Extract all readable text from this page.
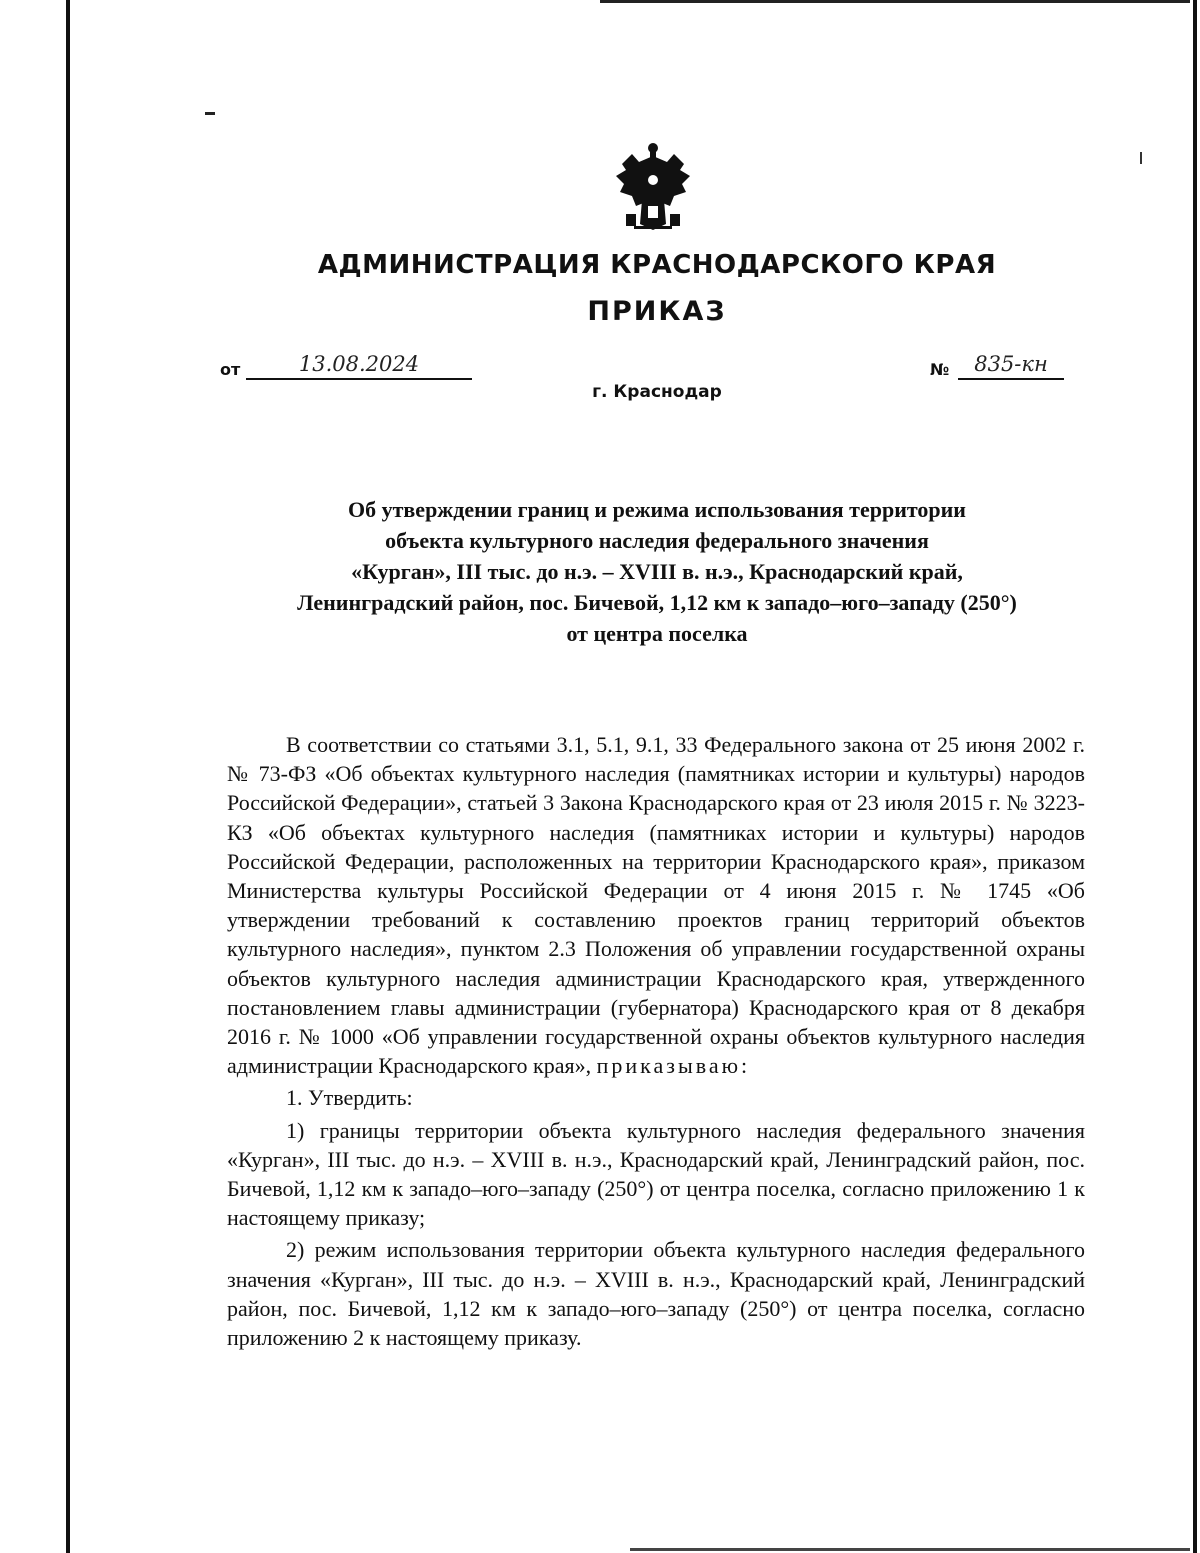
АДМИНИСТРАЦИЯ КРАСНОДАРСКОГО КРАЯ
ПРИКАЗ
от	13.08.2024	№	835-кн
г. Краснодар
Об утверждении границ и режима использования территории
объекта культурного наследия федерального значения
«Курган», III тыс. до н.э. – XVIII в. н.э., Краснодарский край,
Ленинградский район, пос. Бичевой, 1,12 км к западо–юго–западу (250°)
от центра поселка

В соответствии со статьями 3.1, 5.1, 9.1, 33 Федерального закона от 25 июня 2002 г. № 73-ФЗ «Об объектах культурного наследия (памятниках истории и культуры) народов Российской Федерации», статьей 3 Закона Краснодарского края от 23 июля 2015 г. № 3223-КЗ «Об объектах культурного наследия (памятниках истории и культуры) народов Российской Федерации, расположенных на территории Краснодарского края», приказом Министерства культуры Российской Федерации от 4 июня 2015 г. № 1745 «Об утверждении требований к составлению проектов границ территорий объектов культурного наследия», пунктом 2.3 Положения об управлении государственной охраны объектов культурного наследия администрации Краснодарского края, утвержденного постановлением главы администрации (губернатора) Краснодарского края от 8 декабря 2016 г. № 1000 «Об управлении государственной охраны объектов культурного наследия администрации Краснодарского края», приказываю:

1. Утвердить:

1) границы территории объекта культурного наследия федерального значения «Курган», III тыс. до н.э. – XVIII в. н.э., Краснодарский край, Ленинградский район, пос. Бичевой, 1,12 км к западо–юго–западу (250°) от центра поселка, согласно приложению 1 к настоящему приказу;

2) режим использования территории объекта культурного наследия федерального значения «Курган», III тыс. до н.э. – XVIII в. н.э., Краснодарский край, Ленинградский район, пос. Бичевой, 1,12 км к западо–юго–западу (250°) от центра поселка, согласно приложению 2 к настоящему приказу.
